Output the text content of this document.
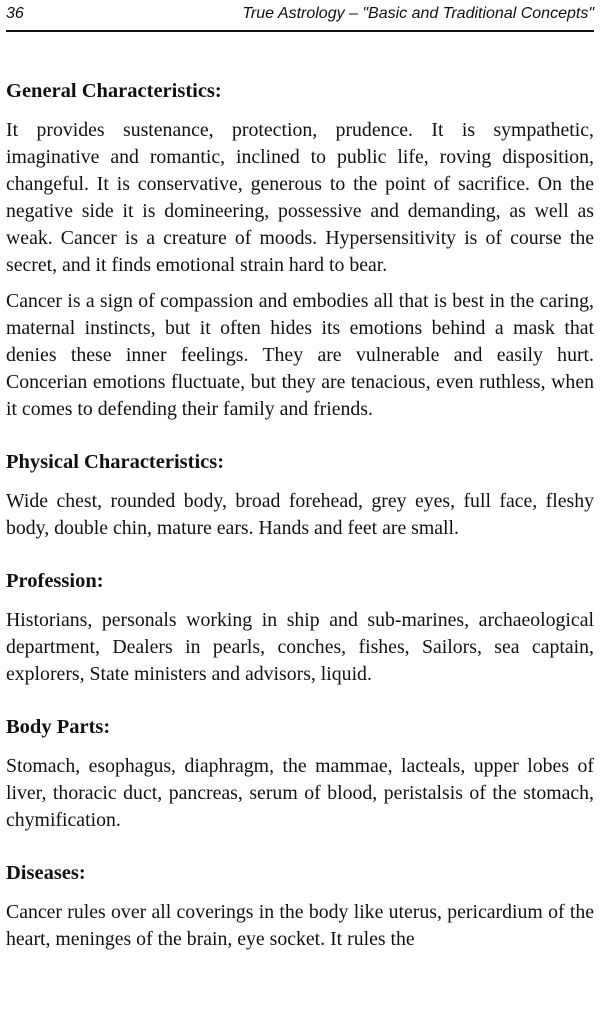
36	True Astrology – "Basic and Traditional Concepts"
General Characteristics:

It provides sustenance, protection, prudence. It is sympathetic, imaginative and romantic, inclined to public life, roving disposition, changeful. It is conservative, generous to the point of sacrifice. On the negative side it is domineering, possessive and demanding, as well as weak. Cancer is a creature of moods. Hypersensitivity is of course the secret, and it finds emotional strain hard to bear.

Cancer is a sign of compassion and embodies all that is best in the caring, maternal instincts, but it often hides its emotions behind a mask that denies these inner feelings. They are vulnerable and easily hurt. Concerian emotions fluctuate, but they are tenacious, even ruthless, when it comes to defending their family and friends.

Physical Characteristics:

Wide chest, rounded body, broad forehead, grey eyes, full face, fleshy body, double chin, mature ears. Hands and feet are small.

Profession:

Historians, personals working in ship and sub-marines, archaeological department, Dealers in pearls, conches, fishes, Sailors, sea captain, explorers, State ministers and advisors, liquid.

Body Parts:

Stomach, esophagus, diaphragm, the mammae, lacteals, upper lobes of liver, thoracic duct, pancreas, serum of blood, peristalsis of the stomach, chymification.

Diseases:

Cancer rules over all coverings in the body like uterus, pericardium of the heart, meninges of the brain, eye socket. It rules the
